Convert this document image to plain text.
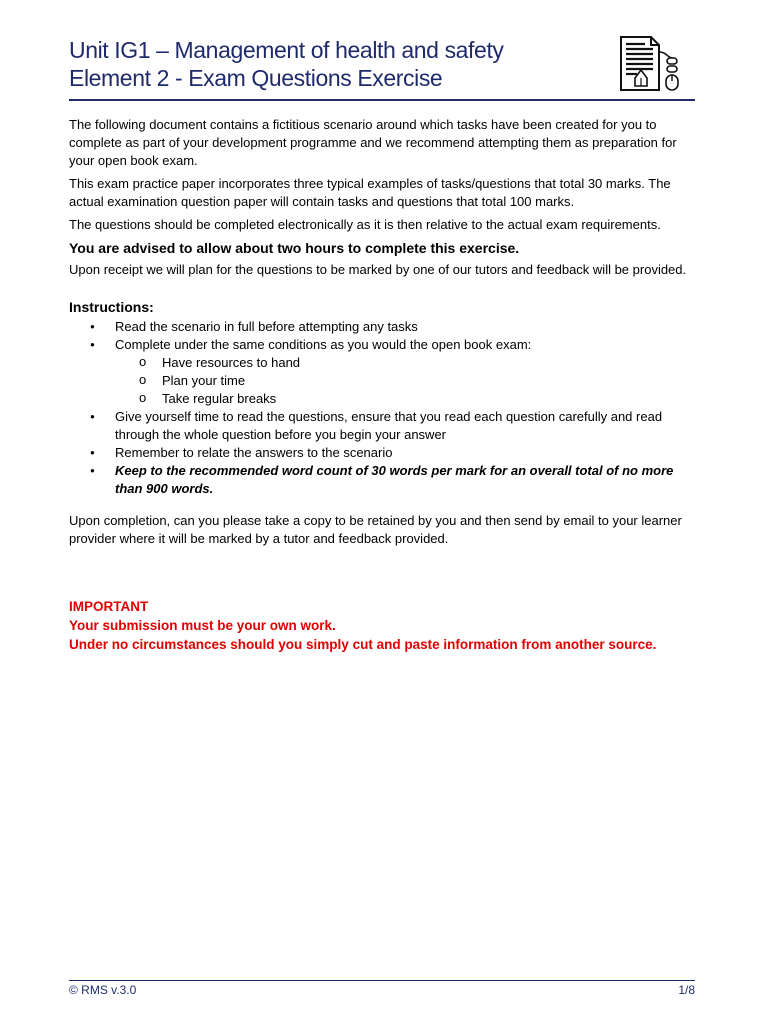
Unit IG1 – Management of health and safety
Element 2 - Exam Questions Exercise

The following document contains a fictitious scenario around which tasks have been created for you to complete as part of your development programme and we recommend attempting them as preparation for your open book exam.

This exam practice paper incorporates three typical examples of tasks/questions that total 30 marks. The actual examination question paper will contain tasks and questions that total 100 marks.

The questions should be completed electronically as it is then relative to the actual exam requirements.

You are advised to allow about two hours to complete this exercise.

Upon receipt we will plan for the questions to be marked by one of our tutors and feedback will be provided.

Instructions:
● Read the scenario in full before attempting any tasks
● Complete under the same conditions as you would the open book exam:
o Have resources to hand
o Plan your time
o Take regular breaks
● Give yourself time to read the questions, ensure that you read each question carefully and read through the whole question before you begin your answer
● Remember to relate the answers to the scenario
● Keep to the recommended word count of 30 words per mark for an overall total of no more than 900 words.

Upon completion, can you please take a copy to be retained by you and then send by email to your learner provider where it will be marked by a tutor and feedback provided.

IMPORTANT

Your submission must be your own work.

Under no circumstances should you simply cut and paste information from another source.

© RMS v.3.0	1/8
